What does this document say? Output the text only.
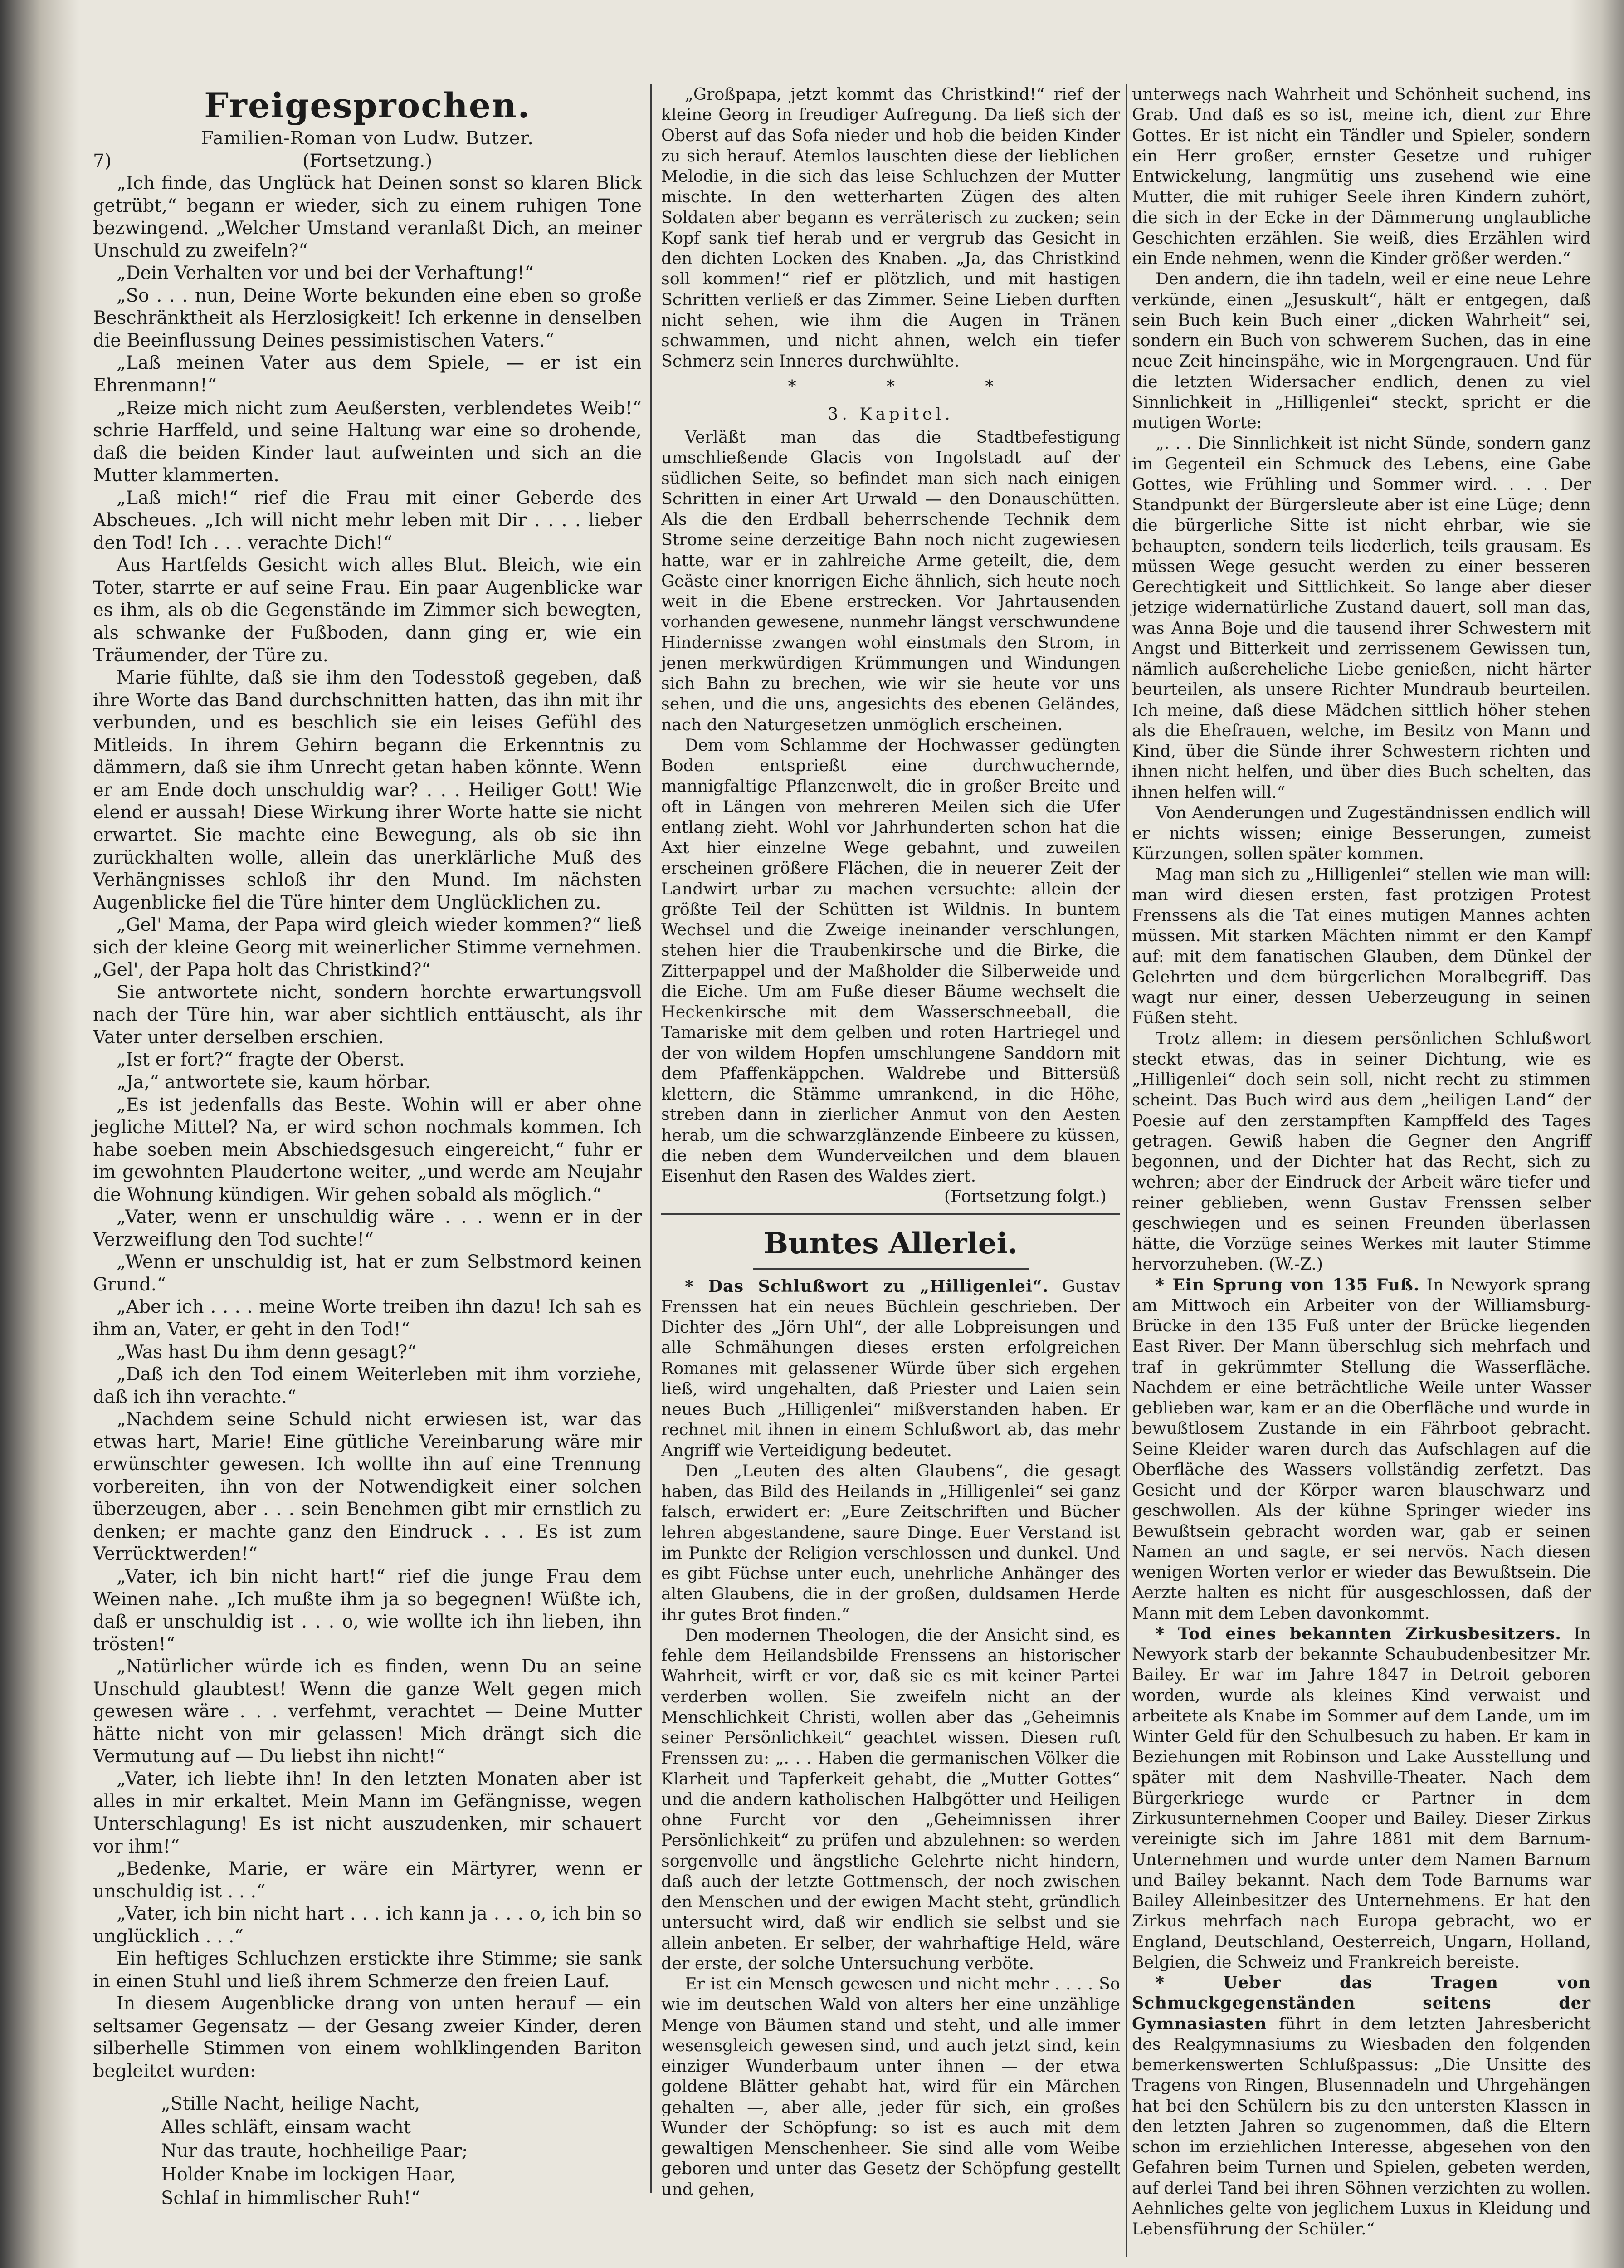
Freigesprochen.

Familien-Roman von Ludw. Butzer.

7)	(Fortsetzung.)

„Ich finde, das Unglück hat Deinen sonst so klaren Blick getrübt,“ begann er wieder, sich zu einem ruhigen Tone bezwingend. „Welcher Umstand veranlaßt Dich, an meiner Unschuld zu zweifeln?“

„Dein Verhalten vor und bei der Verhaftung!“

„So . . . nun, Deine Worte bekunden eine eben so große Beschränktheit als Herzlosigkeit! Ich erkenne in denselben die Beeinflussung Deines pessimistischen Vaters.“

„Laß meinen Vater aus dem Spiele, — er ist ein Ehrenmann!“

„Reize mich nicht zum Aeußersten, verblendetes Weib!“ schrie Harffeld, und seine Haltung war eine so drohende, daß die beiden Kinder laut aufweinten und sich an die Mutter klammerten.

„Laß mich!“ rief die Frau mit einer Geberde des Abscheues. „Ich will nicht mehr leben mit Dir . . . . lieber den Tod! Ich . . . verachte Dich!“

Aus Hartfelds Gesicht wich alles Blut. Bleich, wie ein Toter, starrte er auf seine Frau. Ein paar Augenblicke war es ihm, als ob die Gegenstände im Zimmer sich bewegten, als schwanke der Fußboden, dann ging er, wie ein Träumender, der Türe zu.

Marie fühlte, daß sie ihm den Todesstoß gegeben, daß ihre Worte das Band durchschnitten hatten, das ihn mit ihr verbunden, und es beschlich sie ein leises Gefühl des Mitleids. In ihrem Gehirn begann die Erkenntnis zu dämmern, daß sie ihm Unrecht getan haben könnte. Wenn er am Ende doch unschuldig war? . . . Heiliger Gott! Wie elend er aussah! Diese Wirkung ihrer Worte hatte sie nicht erwartet. Sie machte eine Bewegung, als ob sie ihn zurückhalten wolle, allein das unerklärliche Muß des Verhängnisses schloß ihr den Mund. Im nächsten Augenblicke fiel die Türe hinter dem Unglücklichen zu.

„Gel' Mama, der Papa wird gleich wieder kommen?“ ließ sich der kleine Georg mit weinerlicher Stimme vernehmen. „Gel', der Papa holt das Christkind?“

Sie antwortete nicht, sondern horchte erwartungsvoll nach der Türe hin, war aber sichtlich enttäuscht, als ihr Vater unter derselben erschien.

„Ist er fort?“ fragte der Oberst.

„Ja,“ antwortete sie, kaum hörbar.

„Es ist jedenfalls das Beste. Wohin will er aber ohne jegliche Mittel? Na, er wird schon nochmals kommen. Ich habe soeben mein Abschiedsgesuch eingereicht,“ fuhr er im gewohnten Plaudertone weiter, „und werde am Neujahr die Wohnung kündigen. Wir gehen sobald als möglich.“

„Vater, wenn er unschuldig wäre . . . wenn er in der Verzweiflung den Tod suchte!“

„Wenn er unschuldig ist, hat er zum Selbstmord keinen Grund.“

„Aber ich . . . . meine Worte treiben ihn dazu! Ich sah es ihm an, Vater, er geht in den Tod!“

„Was hast Du ihm denn gesagt?“

„Daß ich den Tod einem Weiterleben mit ihm vorziehe, daß ich ihn verachte.“

„Nachdem seine Schuld nicht erwiesen ist, war das etwas hart, Marie! Eine gütliche Vereinbarung wäre mir erwünschter gewesen. Ich wollte ihn auf eine Trennung vorbereiten, ihn von der Notwendigkeit einer solchen überzeugen, aber . . . sein Benehmen gibt mir ernstlich zu denken; er machte ganz den Eindruck . . . Es ist zum Verrücktwerden!“

„Vater, ich bin nicht hart!“ rief die junge Frau dem Weinen nahe. „Ich mußte ihm ja so begegnen! Wüßte ich, daß er unschuldig ist . . . o, wie wollte ich ihn lieben, ihn trösten!“

„Natürlicher würde ich es finden, wenn Du an seine Unschuld glaubtest! Wenn die ganze Welt gegen mich gewesen wäre . . . verfehmt, verachtet — Deine Mutter hätte nicht von mir gelassen! Mich drängt sich die Vermutung auf — Du liebst ihn nicht!“

„Vater, ich liebte ihn! In den letzten Monaten aber ist alles in mir erkaltet. Mein Mann im Gefängnisse, wegen Unterschlagung! Es ist nicht auszudenken, mir schauert vor ihm!“

„Bedenke, Marie, er wäre ein Märtyrer, wenn er unschuldig ist . . .“

„Vater, ich bin nicht hart . . . ich kann ja . . . o, ich bin so unglücklich . . .“

Ein heftiges Schluchzen erstickte ihre Stimme; sie sank in einen Stuhl und ließ ihrem Schmerze den freien Lauf.

In diesem Augenblicke drang von unten herauf — ein seltsamer Gegensatz — der Gesang zweier Kinder, deren silberhelle Stimmen von einem wohlklingenden Bariton begleitet wurden:

„Stille Nacht, heilige Nacht,
Alles schläft, einsam wacht
Nur das traute, hochheilige Paar;
Holder Knabe im lockigen Haar,
Schlaf in himmlischer Ruh!“

„Großpapa, jetzt kommt das Christkind!“ rief der kleine Georg in freudiger Aufregung. Da ließ sich der Oberst auf das Sofa nieder und hob die beiden Kinder zu sich herauf. Atemlos lauschten diese der lieblichen Melodie, in die sich das leise Schluchzen der Mutter mischte. In den wetterharten Zügen des alten Soldaten aber begann es verräterisch zu zucken; sein Kopf sank tief herab und er vergrub das Gesicht in den dichten Locken des Knaben. „Ja, das Christkind soll kommen!“ rief er plötzlich, und mit hastigen Schritten verließ er das Zimmer. Seine Lieben durften nicht sehen, wie ihm die Augen in Tränen schwammen, und nicht ahnen, welch ein tiefer Schmerz sein Inneres durchwühlte.

*	*	*

3. Kapitel.

Verläßt man das die Stadtbefestigung umschließende Glacis von Ingolstadt auf der südlichen Seite, so befindet man sich nach einigen Schritten in einer Art Urwald — den Donauschütten. Als die den Erdball beherrschende Technik dem Strome seine derzeitige Bahn noch nicht zugewiesen hatte, war er in zahlreiche Arme geteilt, die, dem Geäste einer knorrigen Eiche ähnlich, sich heute noch weit in die Ebene erstrecken. Vor Jahrtausenden vorhanden gewesene, nunmehr längst verschwundene Hindernisse zwangen wohl einstmals den Strom, in jenen merkwürdigen Krümmungen und Windungen sich Bahn zu brechen, wie wir sie heute vor uns sehen, und die uns, angesichts des ebenen Geländes, nach den Naturgesetzen unmöglich erscheinen.

Dem vom Schlamme der Hochwasser gedüngten Boden entsprießt eine durchwuchernde, mannigfaltige Pflanzenwelt, die in großer Breite und oft in Längen von mehreren Meilen sich die Ufer entlang zieht. Wohl vor Jahrhunderten schon hat die Axt hier einzelne Wege gebahnt, und zuweilen erscheinen größere Flächen, die in neuerer Zeit der Landwirt urbar zu machen versuchte: allein der größte Teil der Schütten ist Wildnis. In buntem Wechsel und die Zweige ineinander verschlungen, stehen hier die Traubenkirsche und die Birke, die Zitterpappel und der Maßholder die Silberweide und die Eiche. Um am Fuße dieser Bäume wechselt die Heckenkirsche mit dem Wasserschneeball, die Tamariske mit dem gelben und roten Hartriegel und der von wildem Hopfen umschlungene Sanddorn mit dem Pfaffenkäppchen. Waldrebe und Bittersüß klettern, die Stämme umrankend, in die Höhe, streben dann in zierlicher Anmut von den Aesten herab, um die schwarzglänzende Einbeere zu küssen, die neben dem Wunderveilchen und dem blauen Eisenhut den Rasen des Waldes ziert.

(Fortsetzung folgt.)

Buntes Allerlei.

* Das Schlußwort zu „Hilligenlei“. Gustav Frenssen hat ein neues Büchlein geschrieben. Der Dichter des „Jörn Uhl“, der alle Lobpreisungen und alle Schmähungen dieses ersten erfolgreichen Romanes mit gelassener Würde über sich ergehen ließ, wird ungehalten, daß Priester und Laien sein neues Buch „Hilligenlei“ mißverstanden haben. Er rechnet mit ihnen in einem Schlußwort ab, das mehr Angriff wie Verteidigung bedeutet.

Den „Leuten des alten Glaubens“, die gesagt haben, das Bild des Heilands in „Hilligenlei“ sei ganz falsch, erwidert er: „Eure Zeitschriften und Bücher lehren abgestandene, saure Dinge. Euer Verstand ist im Punkte der Religion verschlossen und dunkel. Und es gibt Füchse unter euch, unehrliche Anhänger des alten Glaubens, die in der großen, duldsamen Herde ihr gutes Brot finden.“

Den modernen Theologen, die der Ansicht sind, es fehle dem Heilandsbilde Frenssens an historischer Wahrheit, wirft er vor, daß sie es mit keiner Partei verderben wollen. Sie zweifeln nicht an der Menschlichkeit Christi, wollen aber das „Geheimnis seiner Persönlichkeit“ geachtet wissen. Diesen ruft Frenssen zu: „. . . Haben die germanischen Völker die Klarheit und Tapferkeit gehabt, die „Mutter Gottes“ und die andern katholischen Halbgötter und Heiligen ohne Furcht vor den „Geheimnissen ihrer Persönlichkeit“ zu prüfen und abzulehnen: so werden sorgenvolle und ängstliche Gelehrte nicht hindern, daß auch der letzte Gottmensch, der noch zwischen den Menschen und der ewigen Macht steht, gründlich untersucht wird, daß wir endlich sie selbst und sie allein anbeten. Er selber, der wahrhaftige Held, wäre der erste, der solche Untersuchung verböte.

Er ist ein Mensch gewesen und nicht mehr . . . . So wie im deutschen Wald von alters her eine unzählige Menge von Bäumen stand und steht, und alle immer wesensgleich gewesen sind, und auch jetzt sind, kein einziger Wunderbaum unter ihnen — der etwa goldene Blätter gehabt hat, wird für ein Märchen gehalten —, aber alle, jeder für sich, ein großes Wunder der Schöpfung: so ist es auch mit dem gewaltigen Menschenheer. Sie sind alle vom Weibe geboren und unter das Gesetz der Schöpfung gestellt und gehen,

unterwegs nach Wahrheit und Schönheit suchend, ins Grab. Und daß es so ist, meine ich, dient zur Ehre Gottes. Er ist nicht ein Tändler und Spieler, sondern ein Herr großer, ernster Gesetze und ruhiger Entwickelung, langmütig uns zusehend wie eine Mutter, die mit ruhiger Seele ihren Kindern zuhört, die sich in der Ecke in der Dämmerung unglaubliche Geschichten erzählen. Sie weiß, dies Erzählen wird ein Ende nehmen, wenn die Kinder größer werden.“

Den andern, die ihn tadeln, weil er eine neue Lehre verkünde, einen „Jesuskult“, hält er entgegen, daß sein Buch kein Buch einer „dicken Wahrheit“ sei, sondern ein Buch von schwerem Suchen, das in eine neue Zeit hineinspähe, wie in Morgengrauen. Und für die letzten Widersacher endlich, denen zu viel Sinnlichkeit in „Hilligenlei“ steckt, spricht er die mutigen Worte:

„. . . Die Sinnlichkeit ist nicht Sünde, sondern ganz im Gegenteil ein Schmuck des Lebens, eine Gabe Gottes, wie Frühling und Sommer wird. . . . Der Standpunkt der Bürgersleute aber ist eine Lüge; denn die bürgerliche Sitte ist nicht ehrbar, wie sie behaupten, sondern teils liederlich, teils grausam. Es müssen Wege gesucht werden zu einer besseren Gerechtigkeit und Sittlichkeit. So lange aber dieser jetzige widernatürliche Zustand dauert, soll man das, was Anna Boje und die tausend ihrer Schwestern mit Angst und Bitterkeit und zerrissenem Gewissen tun, nämlich außereheliche Liebe genießen, nicht härter beurteilen, als unsere Richter Mundraub beurteilen. Ich meine, daß diese Mädchen sittlich höher stehen als die Ehefrauen, welche, im Besitz von Mann und Kind, über die Sünde ihrer Schwestern richten und ihnen nicht helfen, und über dies Buch schelten, das ihnen helfen will.“

Von Aenderungen und Zugeständnissen endlich will er nichts wissen; einige Besserungen, zumeist Kürzungen, sollen später kommen.

Mag man sich zu „Hilligenlei“ stellen wie man will: man wird diesen ersten, fast protzigen Protest Frenssens als die Tat eines mutigen Mannes achten müssen. Mit starken Mächten nimmt er den Kampf auf: mit dem fanatischen Glauben, dem Dünkel der Gelehrten und dem bürgerlichen Moralbegriff. Das wagt nur einer, dessen Ueberzeugung in seinen Füßen steht.

Trotz allem: in diesem persönlichen Schlußwort steckt etwas, das in seiner Dichtung, wie es „Hilligenlei“ doch sein soll, nicht recht zu stimmen scheint. Das Buch wird aus dem „heiligen Land“ der Poesie auf den zerstampften Kampffeld des Tages getragen. Gewiß haben die Gegner den Angriff begonnen, und der Dichter hat das Recht, sich zu wehren; aber der Eindruck der Arbeit wäre tiefer und reiner geblieben, wenn Gustav Frenssen selber geschwiegen und es seinen Freunden überlassen hätte, die Vorzüge seines Werkes mit lauter Stimme hervorzuheben. (W.-Z.)

* Ein Sprung von 135 Fuß. In Newyork sprang am Mittwoch ein Arbeiter von der Williamsburg-Brücke in den 135 Fuß unter der Brücke liegenden East River. Der Mann überschlug sich mehrfach und traf in gekrümmter Stellung die Wasserfläche. Nachdem er eine beträchtliche Weile unter Wasser geblieben war, kam er an die Oberfläche und wurde in bewußtlosem Zustande in ein Fährboot gebracht. Seine Kleider waren durch das Aufschlagen auf die Oberfläche des Wassers vollständig zerfetzt. Das Gesicht und der Körper waren blauschwarz und geschwollen. Als der kühne Springer wieder ins Bewußtsein gebracht worden war, gab er seinen Namen an und sagte, er sei nervös. Nach diesen wenigen Worten verlor er wieder das Bewußtsein. Die Aerzte halten es nicht für ausgeschlossen, daß der Mann mit dem Leben davonkommt.

* Tod eines bekannten Zirkusbesitzers. In Newyork starb der bekannte Schaubudenbesitzer Mr. Bailey. Er war im Jahre 1847 in Detroit geboren worden, wurde als kleines Kind verwaist und arbeitete als Knabe im Sommer auf dem Lande, um im Winter Geld für den Schulbesuch zu haben. Er kam in Beziehungen mit Robinson und Lake Ausstellung und später mit dem Nashville-Theater. Nach dem Bürgerkriege wurde er Partner in dem Zirkusunternehmen Cooper und Bailey. Dieser Zirkus vereinigte sich im Jahre 1881 mit dem Barnum-Unternehmen und wurde unter dem Namen Barnum und Bailey bekannt. Nach dem Tode Barnums war Bailey Alleinbesitzer des Unternehmens. Er hat den Zirkus mehrfach nach Europa gebracht, wo er England, Deutschland, Oesterreich, Ungarn, Holland, Belgien, die Schweiz und Frankreich bereiste.

* Ueber das Tragen von Schmuckgegenständen seitens der Gymnasiasten führt in dem letzten Jahresbericht des Realgymnasiums zu Wiesbaden den folgenden bemerkenswerten Schlußpassus: „Die Unsitte des Tragens von Ringen, Blusennadeln und Uhrgehängen hat bei den Schülern bis zu den untersten Klassen in den letzten Jahren so zugenommen, daß die Eltern schon im erziehlichen Interesse, abgesehen von den Gefahren beim Turnen und Spielen, gebeten werden, auf derlei Tand bei ihren Söhnen verzichten zu wollen. Aehnliches gelte von jeglichem Luxus in Kleidung und Lebensführung der Schüler.“
